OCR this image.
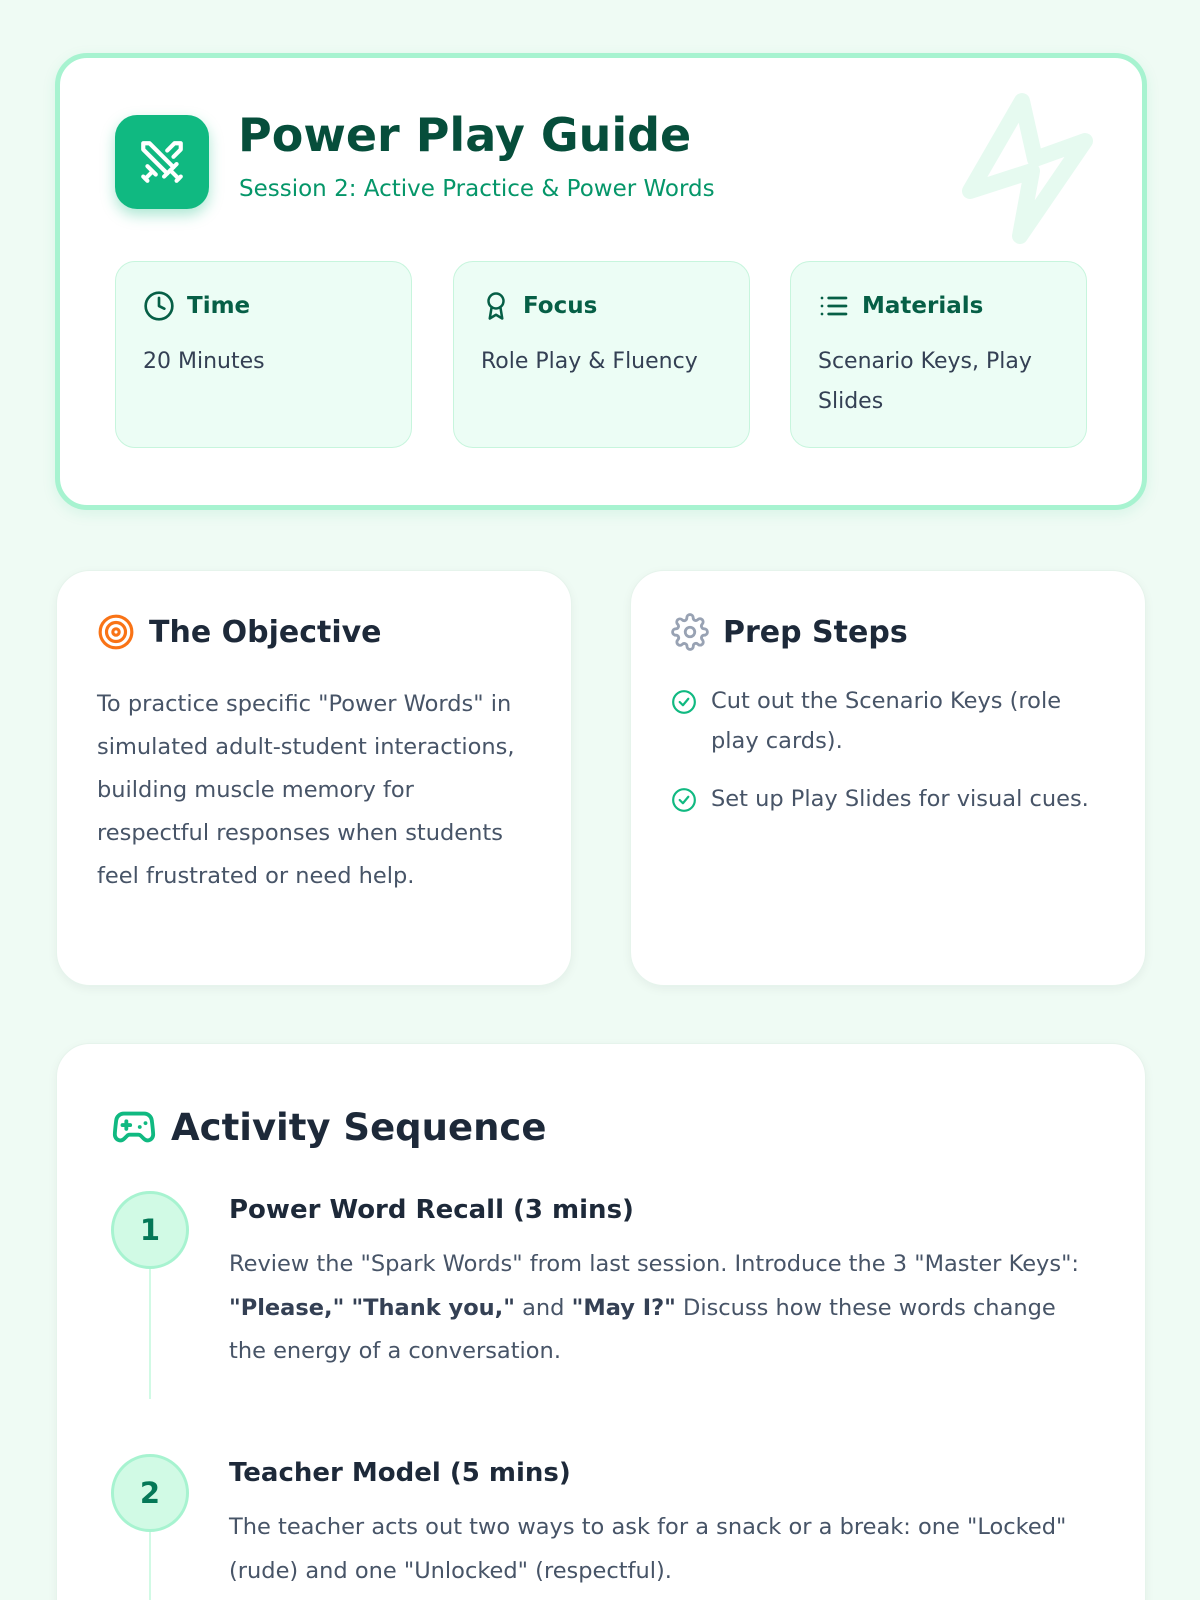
Power Play Guide
Session 2: Active Practice & Power Words
Time
20 Minutes
Focus
Role Play & Fluency
Materials
Scenario Keys, Play Slides
The Objective

To practice specific "Power Words" in simulated adult-student interactions, building muscle memory for respectful responses when students feel frustrated or need help.

Prep Steps
Cut out the Scenario Keys (role play cards).
Set up Play Slides for visual cues.
Activity Sequence
1
Power Word Recall (3 mins)

Review the "Spark Words" from last session. Introduce the 3 "Master Keys": "Please," "Thank you," and "May I?" Discuss how these words change the energy of a conversation.

2
Teacher Model (5 mins)

The teacher acts out two ways to ask for a snack or a break: one "Locked" (rude) and one "Unlocked" (respectful).
